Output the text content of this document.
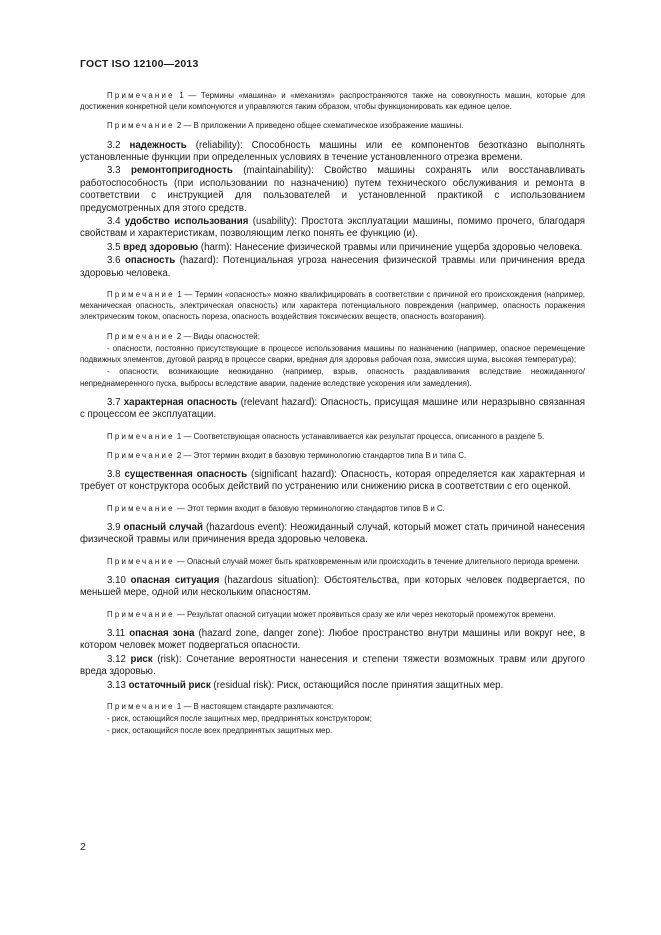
ГОСТ ISO 12100—2013

Примечание 1 — Термины «машина» и «механизм» распространяются также на совокупность машин, которые для достижения конкретной цели компонуются и управляются таким образом, чтобы функционировать как единое целое.

Примечание 2 — В приложении А приведено общее схематическое изображение машины.

3.2 надежность (reliability): Способность машины или ее компонентов безотказно выполнять установленные функции при определенных условиях в течение установленного отрезка времени.

3.3 ремонтопригодность (maintainability): Свойство машины сохранять или восстанавливать работоспособность (при использовании по назначению) путем технического обслуживания и ремонта в соответствии с инструкцией для пользователей и установленной практикой с использованием предусмотренных для этого средств.

3.4 удобство использования (usability): Простота эксплуатации машины, помимо прочего, благодаря свойствам и характеристикам, позволяющим легко понять ее функцию (и).

3.5 вред здоровью (harm): Нанесение физической травмы или причинение ущерба здоровью человека.

3.6 опасность (hazard): Потенциальная угроза нанесения физической травмы или причинения вреда здоровью человека.

Примечание 1 — Термин «опасность» можно квалифицировать в соответствии с причиной его происхождения (например, механическая опасность, электрическая опасность) или характера потенциального повреждения (например, опасность поражения электрическим током, опасность пореза, опасность воздействия токсических веществ, опасность возгорания).

Примечание 2 — Виды опасностей:

- опасности, постоянно присутствующие в процессе использования машины по назначению (например, опасное перемещение подвижных элементов, дуговой разряд в процессе сварки, вредная для здоровья рабочая поза, эмиссия шума, высокая температура);

- опасности, возникающие неожиданно (например, взрыв, опасность раздавливания вследствие неожиданного/непреднамеренного пуска, выбросы вследствие аварии, падение вследствие ускорения или замедления).

3.7 характерная опасность (relevant hazard): Опасность, присущая машине или неразрывно связанная с процессом ее эксплуатации.

Примечание 1 — Соответствующая опасность устанавливается как результат процесса, описанного в разделе 5.

Примечание 2 — Этот термин входит в базовую терминологию стандартов типа B и типа C.

3.8 существенная опасность (significant hazard): Опасность, которая определяется как характерная и требует от конструктора особых действий по устранению или снижению риска в соответствии с его оценкой.

Примечание — Этот термин входит в базовую терминологию стандартов типов B и C.

3.9 опасный случай (hazardous event): Неожиданный случай, который может стать причиной нанесения физической травмы или причинения вреда здоровью человека.

Примечание — Опасный случай может быть кратковременным или происходить в течение длительного периода времени.

3.10 опасная ситуация (hazardous situation): Обстоятельства, при которых человек подвергается, по меньшей мере, одной или нескольким опасностям.

Примечание — Результат опасной ситуации может проявиться сразу же или через некоторый промежуток времени.

3.11 опасная зона (hazard zone, danger zone): Любое пространство внутри машины или вокруг нее, в котором человек может подвергаться опасности.

3.12 риск (risk): Сочетание вероятности нанесения и степени тяжести возможных травм или другого вреда здоровью.

3.13 остаточный риск (residual risk): Риск, остающийся после принятия защитных мер.

Примечание 1 — В настоящем стандарте различаются:

- риск, остающийся после защитных мер, предпринятых конструктором;

- риск, остающийся после всех предпринятых защитных мер.

2
